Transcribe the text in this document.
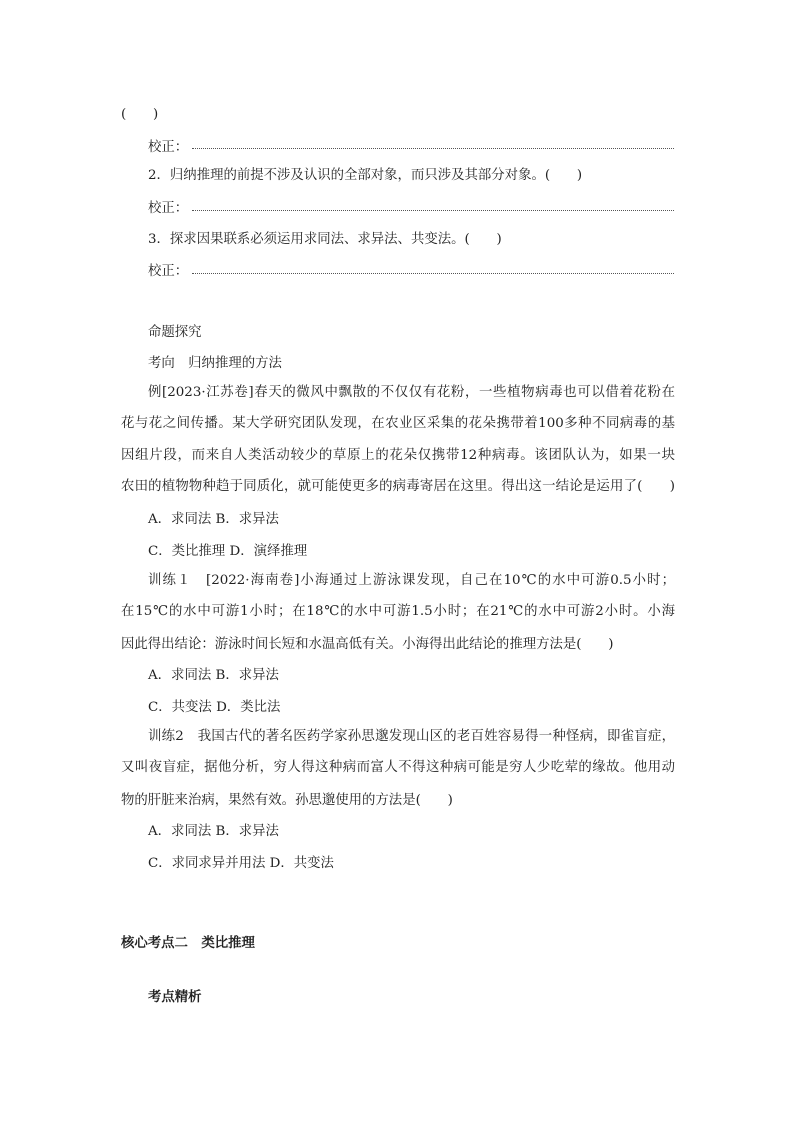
(　　)
校正：
2．归纳推理的前提不涉及认识的全部对象，而只涉及其部分对象。(　　)
校正：
3．探求因果联系必须运用求同法、求异法、共变法。(　　)
校正：
命题探究
考向　归纳推理的方法
例[2023·江苏卷]春天的微风中飘散的不仅仅有花粉，一些植物病毒也可以借着花粉在
花与花之间传播。某大学研究团队发现，在农业区采集的花朵携带着100多种不同病毒的基
因组片段，而来自人类活动较少的草原上的花朵仅携带12种病毒。该团队认为，如果一块
农田的植物物种趋于同质化，就可能使更多的病毒寄居在这里。得出这一结论是运用了(　　)
A．求同法 B．求异法
C．类比推理 D．演绎推理
训练１　[2022·海南卷]小海通过上游泳课发现，自己在10℃的水中可游0.5小时；
在15℃的水中可游1小时；在18℃的水中可游1.5小时；在21℃的水中可游2小时。小海
因此得出结论：游泳时间长短和水温高低有关。小海得出此结论的推理方法是(　　)
A．求同法 B．求异法
C．共变法 D．类比法
训练2　我国古代的著名医药学家孙思邈发现山区的老百姓容易得一种怪病，即雀盲症，
又叫夜盲症，据他分析，穷人得这种病而富人不得这种病可能是穷人少吃荤的缘故。他用动
物的肝脏来治病，果然有效。孙思邈使用的方法是(　　)
A．求同法 B．求异法
C．求同求异并用法 D．共变法
核心考点二　类比推理
考点精析
